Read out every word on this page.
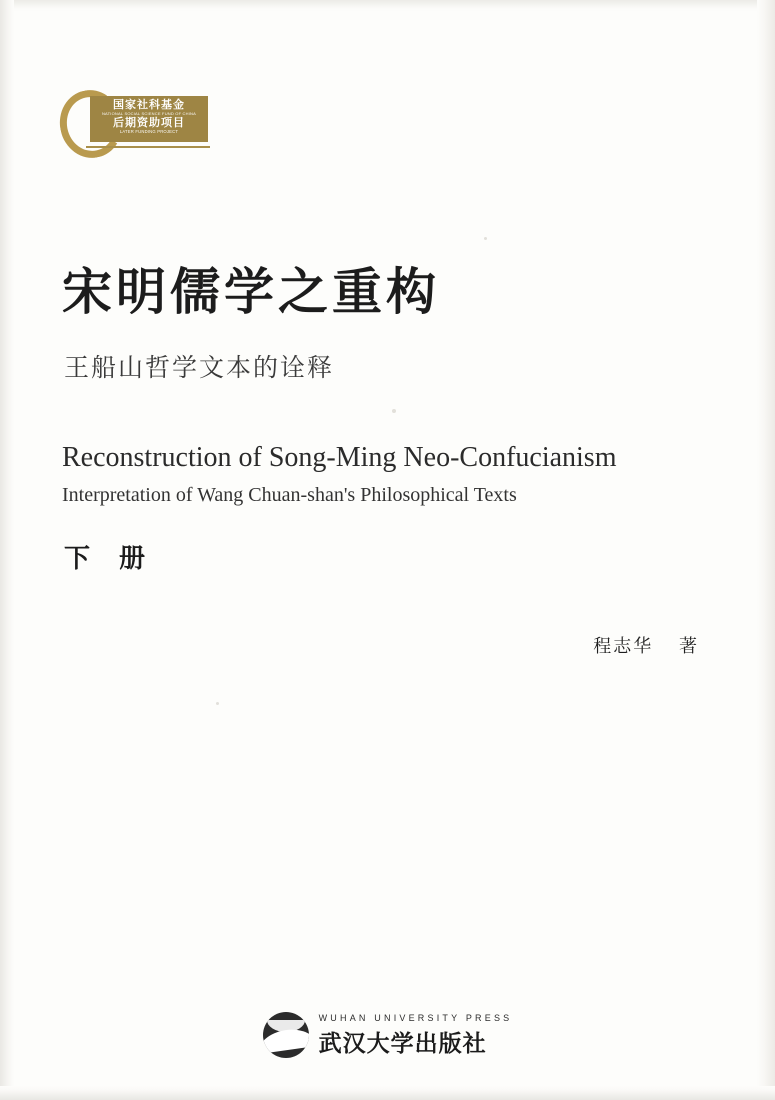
国家社科基金
NATIONAL SOCIAL SCIENCE FUND OF CHINA
后期资助项目
LATER FUNDING PROJECT
宋明儒学之重构
王船山哲学文本的诠释
Reconstruction of Song-Ming Neo-Confucianism
Interpretation of Wang Chuan-shan's Philosophical Texts
下 册
程志华 著
WUHAN UNIVERSITY PRESS
武汉大学出版社
